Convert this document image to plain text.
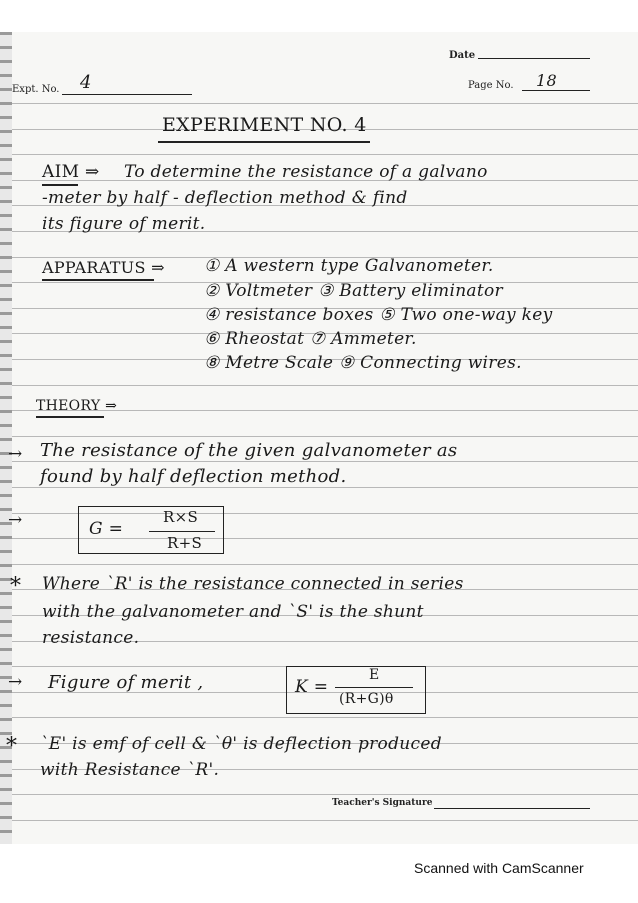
Date
Expt. No. 4	Page No. 18
EXPERIMENT NO. 4
AIM ⇒ To determine the resistance of a galvano
-meter by half - deflection method & find
its figure of merit.
APPARATUS ⇒ ① A western type Galvanometer.
② Voltmeter ③ Battery eliminator
④ resistance boxes ⑤ Two one-way key
⑥ Rheostat ⑦ Ammeter.
⑧ Metre Scale ⑨ Connecting wires.
THEORY ⇒
→ The resistance of the given galvanometer as
found by half deflection method.
→	G =
R×S
R+S
* Where `R' is the resistance connected in series
with the galvanometer and `S' is the shunt
resistance.
→ Figure of merit ,	K =
E
(R+G)θ
* `E' is emf of cell & `θ' is deflection produced
with Resistance `R'.
Teacher's Signature
Scanned with CamScanner
